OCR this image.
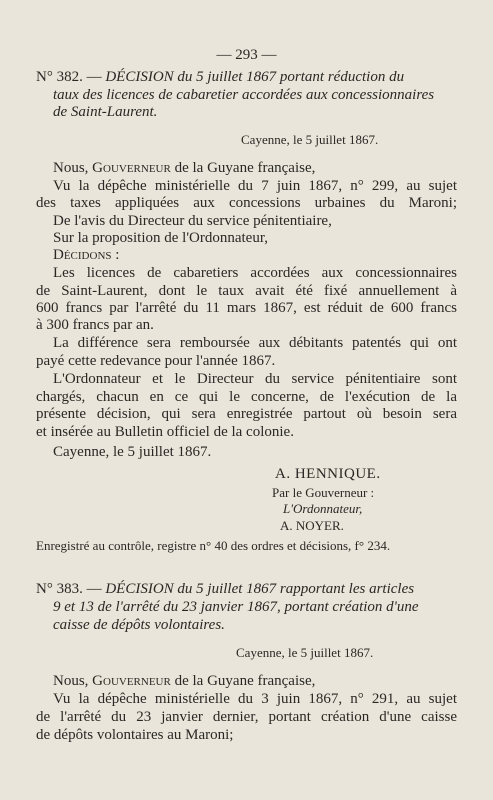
— 293 —
N° 382. — DÉCISION du 5 juillet 1867 portant réduction du
taux des licences de cabaretier accordées aux concessionnaires
de Saint-Laurent.
Cayenne, le 5 juillet 1867.
Nous, Gouverneur de la Guyane française,
Vu la dépêche ministérielle du 7 juin 1867, n° 299, au sujet
des taxes appliquées aux concessions urbaines du Maroni;
De l'avis du Directeur du service pénitentiaire,
Sur la proposition de l'Ordonnateur,
Décidons :
Les licences de cabaretiers accordées aux concessionnaires
de Saint-Laurent, dont le taux avait été fixé annuellement à
600 francs par l'arrêté du 11 mars 1867, est réduit de 600 francs
à 300 francs par an.
La différence sera remboursée aux débitants patentés qui ont
payé cette redevance pour l'année 1867.
L'Ordonnateur et le Directeur du service pénitentiaire sont
chargés, chacun en ce qui le concerne, de l'exécution de la
présente décision, qui sera enregistrée partout où besoin sera
et insérée au Bulletin officiel de la colonie.
Cayenne, le 5 juillet 1867.
A. HENNIQUE.
Par le Gouverneur :
L'Ordonnateur,
A. NOYER.
Enregistré au contrôle, registre n° 40 des ordres et décisions, f° 234.
N° 383. — DÉCISION du 5 juillet 1867 rapportant les articles
9 et 13 de l'arrêté du 23 janvier 1867, portant création d'une
caisse de dépôts volontaires.
Cayenne, le 5 juillet 1867.
Nous, Gouverneur de la Guyane française,
Vu la dépêche ministérielle du 3 juin 1867, n° 291, au sujet
de l'arrêté du 23 janvier dernier, portant création d'une caisse
de dépôts volontaires au Maroni;
